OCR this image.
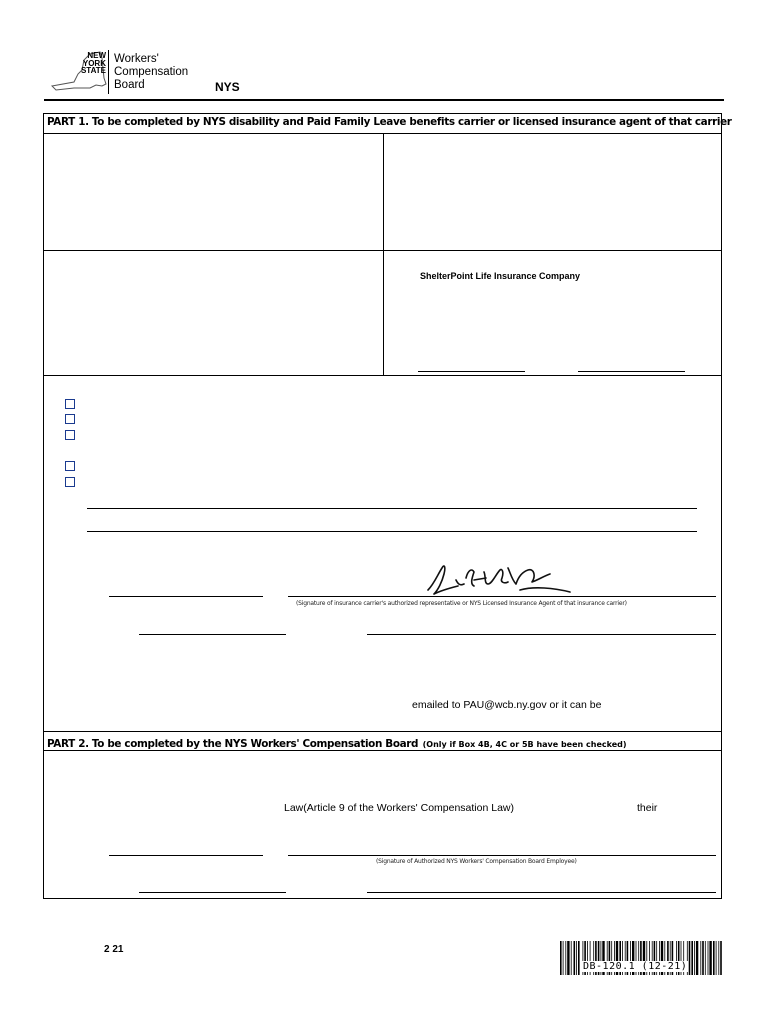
NEW
YORK
STATE
Workers'
Compensation
Board	NYS
PART 1. To be completed by NYS disability and Paid Family Leave benefits carrier or licensed insurance agent of that carrier
ShelterPoint Life Insurance Company
(Signature of insurance carrier's authorized representative or NYS Licensed Insurance Agent of that insurance carrier)
emailed to PAU@wcb.ny.gov or it can be
PART 2. To be completed by the NYS Workers' Compensation Board (Only if Box 4B, 4C or 5B have been checked)
Law(Article 9 of the Workers' Compensation Law)	their
(Signature of Authorized NYS Workers' Compensation Board Employee)
2 21
DB-120.1 (12-21)
